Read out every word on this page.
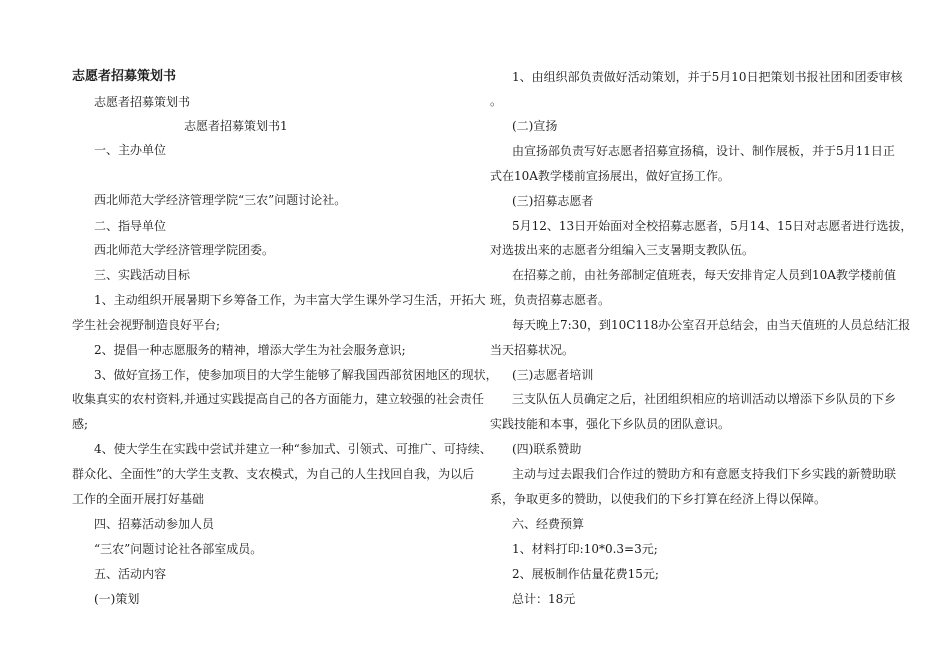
志愿者招募策划书
志愿者招募策划书
志愿者招募策划书1
一、主办单位
西北师范大学经济管理学院“三农”问题讨论社。
二、指导单位
西北师范大学经济管理学院团委。
三、实践活动目标
1、主动组织开展暑期下乡筹备工作，为丰富大学生课外学习生活，开拓大
学生社会视野制造良好平台;
2、提倡一种志愿服务的精神，增添大学生为社会服务意识;
3、做好宣扬工作，使参加项目的大学生能够了解我国西部贫困地区的现状，
收集真实的农村资料,并通过实践提高自己的各方面能力，建立较强的社会责任
感;
4、使大学生在实践中尝试并建立一种“参加式、引领式、可推广、可持续、
群众化、全面性”的大学生支教、支农模式，为自己的人生找回自我，为以后
工作的全面开展打好基础
四、招募活动参加人员
“三农”问题讨论社各部室成员。
五、活动内容
(一)策划
1、由组织部负责做好活动策划，并于5月10日把策划书报社团和团委审核
。
(二)宣扬
由宣扬部负责写好志愿者招募宣扬稿，设计、制作展板，并于5月11日正
式在10A教学楼前宣扬展出，做好宣扬工作。
(三)招募志愿者
5月12、13日开始面对全校招募志愿者，5月14、15日对志愿者进行选拔，
对选拔出来的志愿者分组编入三支暑期支教队伍。
在招募之前，由社务部制定值班表，每天安排肯定人员到10A教学楼前值
班，负责招募志愿者。
每天晚上7:30，到10C118办公室召开总结会，由当天值班的人员总结汇报
当天招募状况。
(三)志愿者培训
三支队伍人员确定之后，社团组织相应的培训活动以增添下乡队员的下乡
实践技能和本事，强化下乡队员的团队意识。
(四)联系赞助
主动与过去跟我们合作过的赞助方和有意愿支持我们下乡实践的新赞助联
系，争取更多的赞助，以使我们的下乡打算在经济上得以保障。
六、经费预算
1、材料打印:10*0.3=3元;
2、展板制作估量花费15元;
总计：18元
